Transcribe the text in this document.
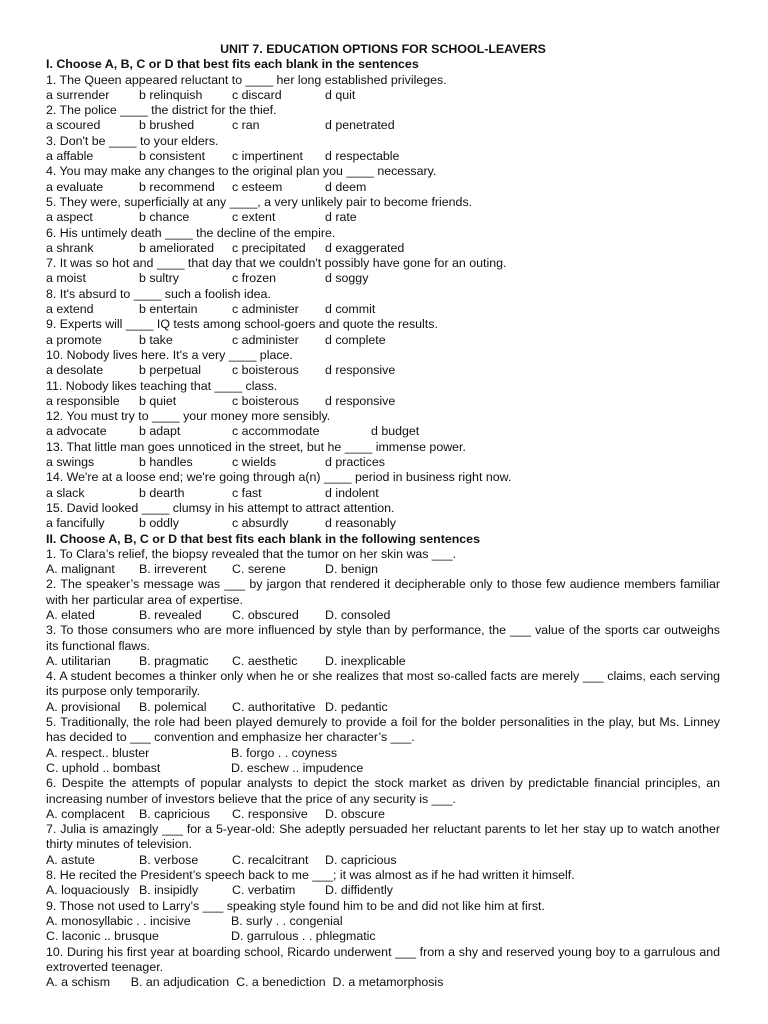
UNIT 7. EDUCATION OPTIONS FOR SCHOOL-LEAVERS
I. Choose A, B, C or D that best fits each blank in the sentences
1. The Queen appeared reluctant to ____ her long established privileges.
a surrender	b relinquish	c discard	d quit
2. The police ____ the district for the thief.
a scoured	b brushed	c ran	d penetrated
3. Don't be ____ to your elders.
a affable	b consistent	c impertinent	d respectable
4. You may make any changes to the original plan you ____ necessary.
a evaluate	b recommend	c esteem	d deem
5. They were, superficially at any ____, a very unlikely pair to become friends.
a aspect	b chance	c extent	d rate
6. His untimely death ____ the decline of the empire.
a shrank	b ameliorated	c precipitated	d exaggerated
7. It was so hot and ____ that day that we couldn't possibly have gone for an outing.
a moist	b sultry	c frozen	d soggy
8. It's absurd to ____ such a foolish idea.
a extend	b entertain	c administer	d commit
9. Experts will ____ IQ tests among school-goers and quote the results.
a promote	b take	c administer	d complete
10. Nobody lives here. It's a very ____ place.
a desolate	b perpetual	c boisterous	d responsive
11. Nobody likes teaching that ____ class.
a responsible	b quiet	c boisterous	d responsive
12. You must try to ____ your money more sensibly.
a advocate	b adapt	c accommodate	d budget
13. That little man goes unnoticed in the street, but he ____ immense power.
a swings	b handles	c wields	d practices
14. We're at a loose end; we're going through a(n) ____ period in business right now.
a slack	b dearth	c fast	d indolent
15. David looked ____ clumsy in his attempt to attract attention.
a fancifully	b oddly	c absurdly	d reasonably
II. Choose A, B, C or D that best fits each blank in the following sentences
1. To Clara’s relief, the biopsy revealed that the tumor on her skin was ___.
A. malignant	B. irreverent	C. serene	D. benign
2. The speaker’s message was ___ by jargon that rendered it decipherable only to those few audience members familiar with her particular area of expertise.
A. elated	B. revealed	C. obscured	D. consoled
3. To those consumers who are more influenced by style than by performance, the ___ value of the sports car outweighs its functional flaws.
A. utilitarian	B. pragmatic	C. aesthetic	D. inexplicable
4. A student becomes a thinker only when he or she realizes that most so-called facts are merely ___ claims, each serving its purpose only temporarily.
A. provisional	B. polemical	C. authoritative D. pedantic
5. Traditionally, the role had been played demurely to provide a foil for the bolder personalities in the play, but Ms. Linney has decided to ___ convention and emphasize her character’s ___.
A. respect.. bluster	B. forgo . . coyness
C. uphold .. bombast	D. eschew .. impudence
6. Despite the attempts of popular analysts to depict the stock market as driven by predictable financial principles, an increasing number of investors believe that the price of any security is ___.
A. complacent	B. capricious	C. responsive	D. obscure
7. Julia is amazingly ___ for a 5-year-old: She adeptly persuaded her reluctant parents to let her stay up to watch another thirty minutes of television.
A. astute	B. verbose	C. recalcitrant	D. capricious
8. He recited the President’s speech back to me ___; it was almost as if he had written it himself.
A. loquaciously B. insipidly	C. verbatim	D. diffidently
9. Those not used to Larry’s ___ speaking style found him to be and did not like him at first.
A. monosyllabic . . incisive	B. surly . . congenial
C. laconic .. brusque	D. garrulous . . phlegmatic
10. During his first year at boarding school, Ricardo underwent ___ from a shy and reserved young boy to a garrulous and extroverted teenager.
A. a schism      B. an adjudication  C. a benediction  D. a metamorphosis
